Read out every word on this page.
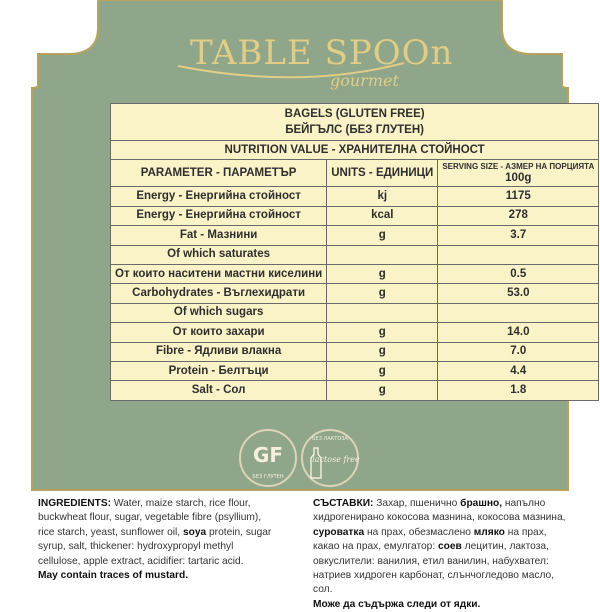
TABLE SPOOn
gourmet
BAGELS (GLUTEN FREE)
БЕЙГЪЛС (БЕЗ ГЛУТЕН)		

NUTRITION VALUE - ХРАНИТЕЛНА СТОЙНОСТ		
PARAMETER - ПАРАМЕТЪР	UNITS - ЕДИНИЦИ	SERVING SIZE - АЗМЕР НА ПОРЦИЯТА
100g

Energy - Енергийна стойност	kj	1175
Energy - Енергийна стойност	kcal	278
Fat - Мазнини	g	3.7
Of which saturates		
От които наситени мастни киселини	g	0.5
Carbohydrates - Въглехидрати	g	53.0
Of which sugars		
От които захари	g	14.0
Fibre - Ядливи влакна	g	7.0
Protein - Белтъци	g	4.4
Salt - Сол	g	1.8
GF
БЕЗ ГЛУТЕН
БЕЗ ЛАКТОЗА
lactose free
INGREDIENTS: Water, maize starch, rice flour, buckwheat flour, sugar, vegetable fibre (psyllium), rice starch, yeast, sunflower oil, soya protein, sugar syrup, salt, thickener: hydroxypropyl methyl cellulose, apple extract, acidifier: tartaric acid.
May contain traces of mustard.
СЪСТАВКИ: Захар, пшенично брашно, напълно хидрогенирано кокосова мазнина, кокосова мазнина, суроватка на прах, обезмаслено мляко на прах, какао на прах, емулгатор: соев лецитин, лактоза, овкуслители: ванилия, етил ванилин, набухвател: натриев хидроген карбонат, слънчогледово масло, сол.
Може да съдържа следи от ядки.
